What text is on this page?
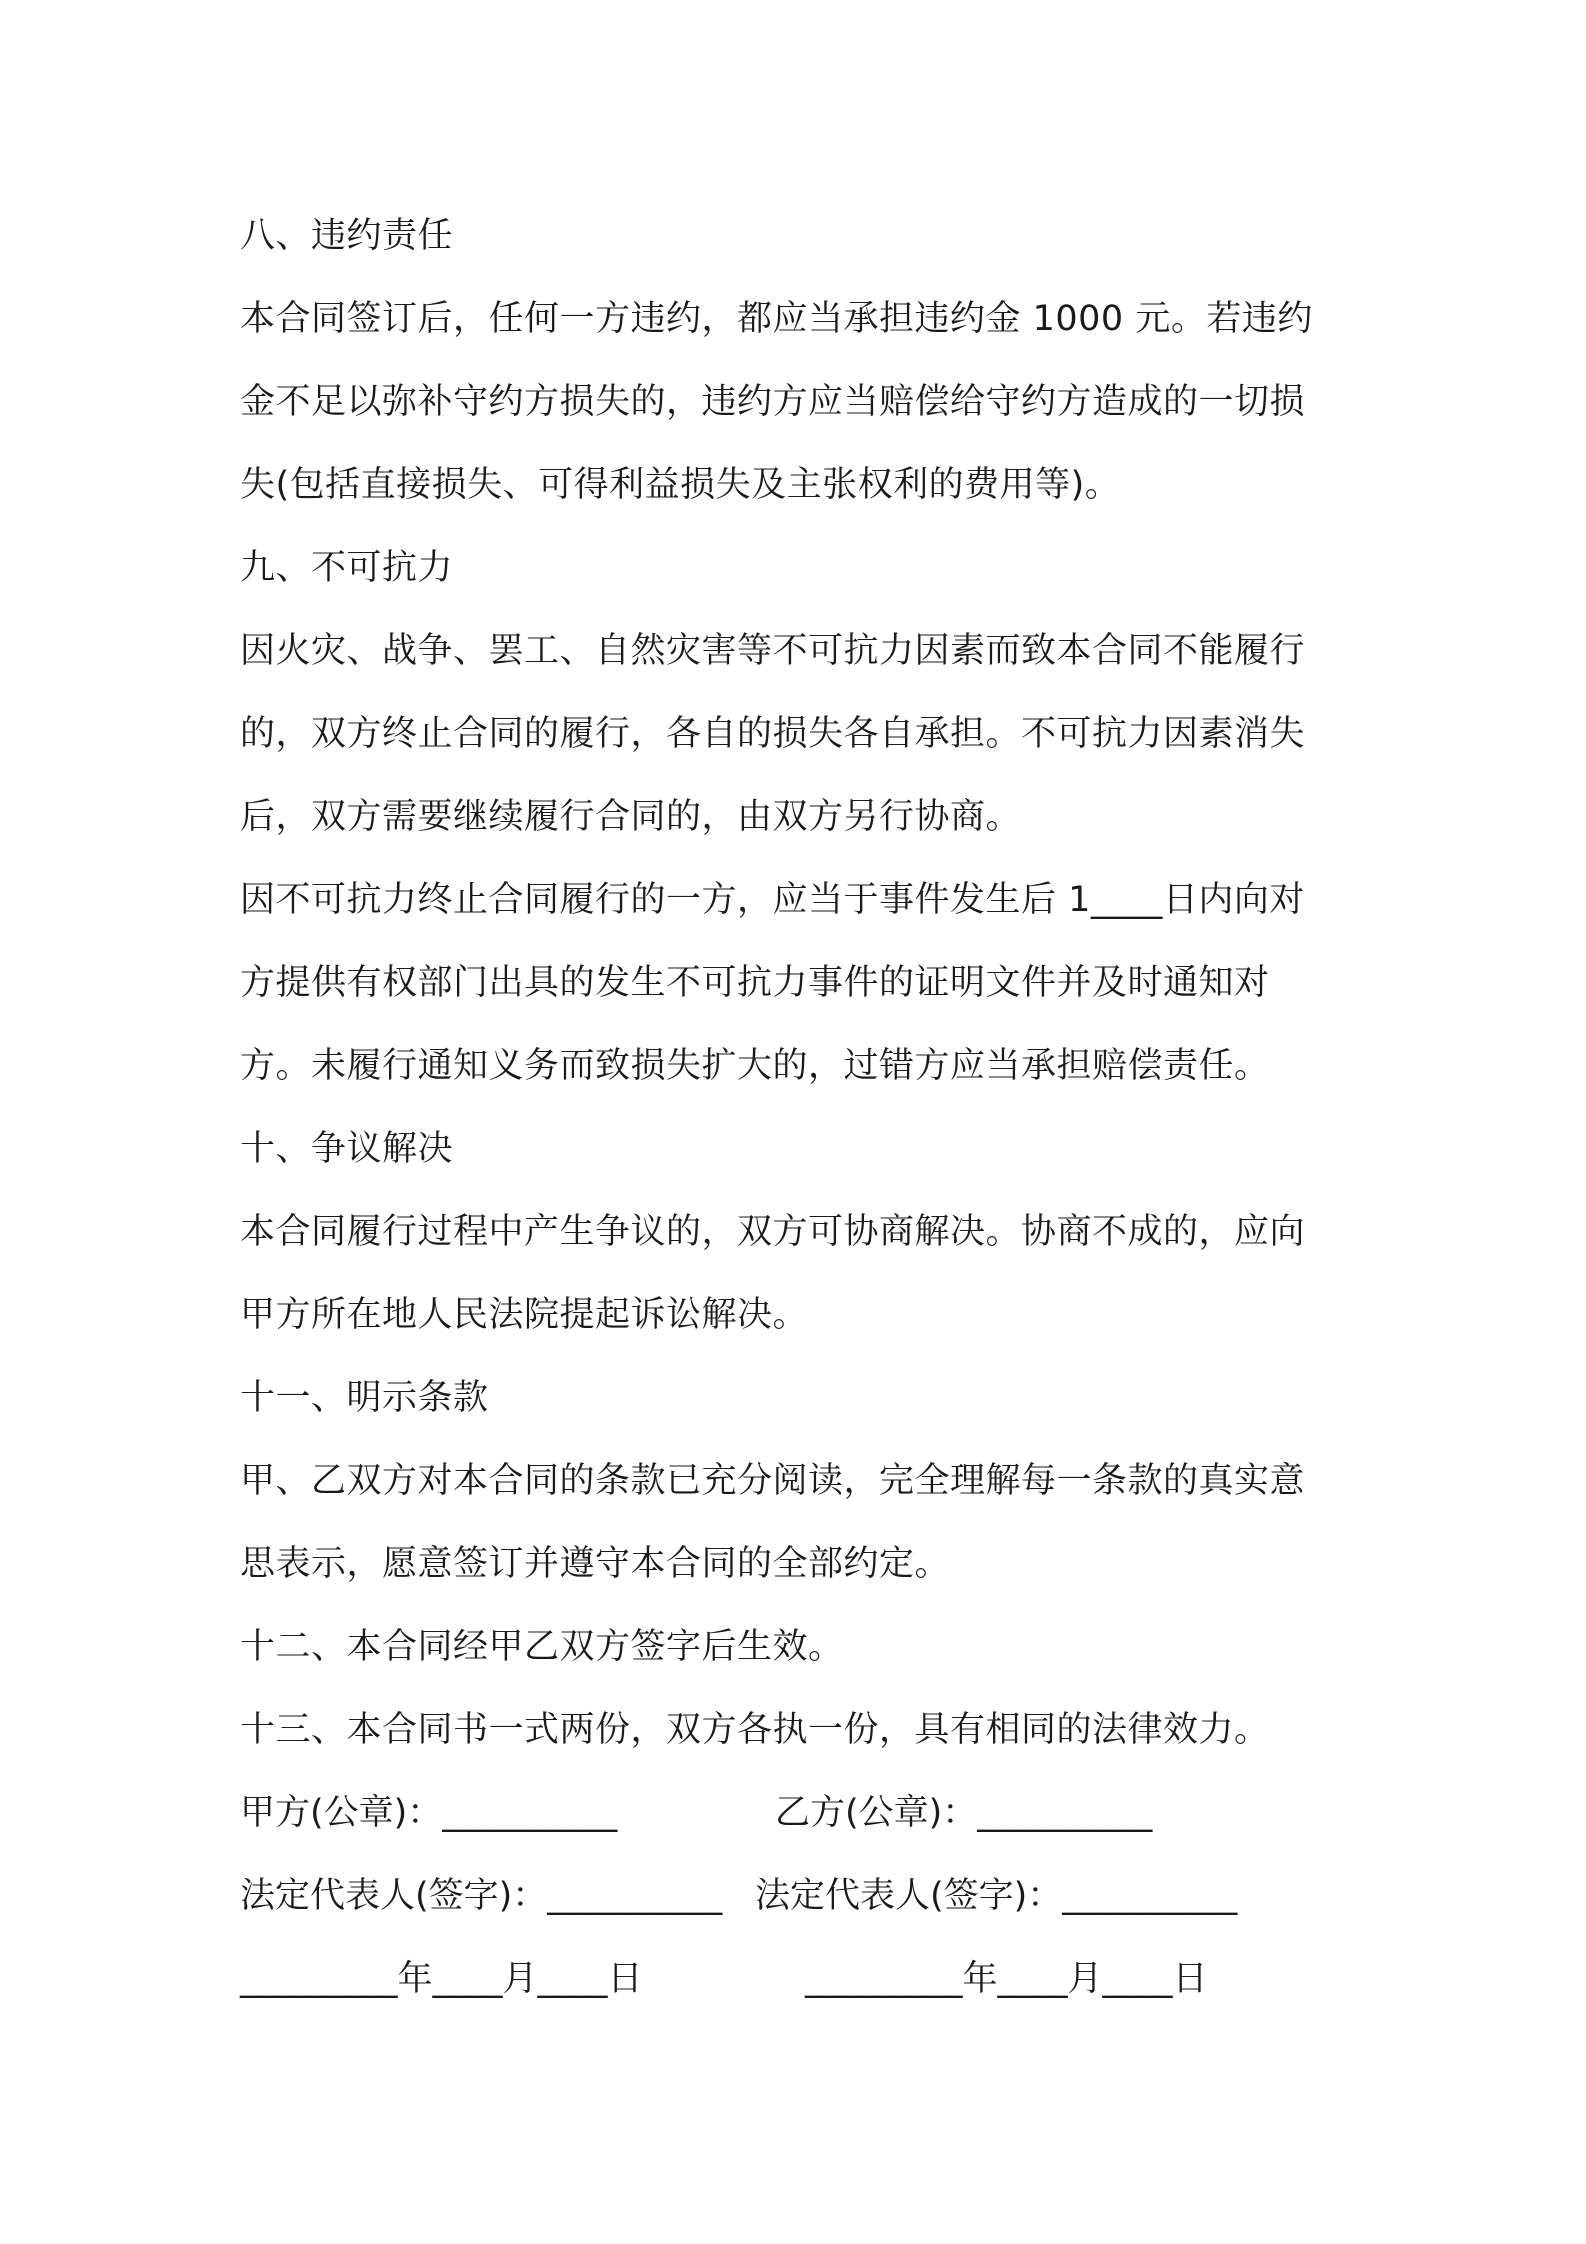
八、违约责任
本合同签订后，任何一方违约，都应当承担违约金 1000 元。若违约
金不足以弥补守约方损失的，违约方应当赔偿给守约方造成的一切损
失(包括直接损失、可得利益损失及主张权利的费用等)。
九、不可抗力
因火灾、战争、罢工、自然灾害等不可抗力因素而致本合同不能履行
的，双方终止合同的履行，各自的损失各自承担。不可抗力因素消失
后，双方需要继续履行合同的，由双方另行协商。
因不可抗力终止合同履行的一方，应当于事件发生后 1____日内向对
方提供有权部门出具的发生不可抗力事件的证明文件并及时通知对
方。未履行通知义务而致损失扩大的，过错方应当承担赔偿责任。
十、争议解决
本合同履行过程中产生争议的，双方可协商解决。协商不成的，应向
甲方所在地人民法院提起诉讼解决。
十一、明示条款
甲、乙双方对本合同的条款已充分阅读，完全理解每一条款的真实意
思表示，愿意签订并遵守本合同的全部约定。
十二、本合同经甲乙双方签字后生效。
十三、本合同书一式两份，双方各执一份，具有相同的法律效力。
甲方(公章)：__________	乙方(公章)：__________
法定代表人(签字)：__________ 法定代表人(签字)：__________
_________年____月____日	_________年____月____日
